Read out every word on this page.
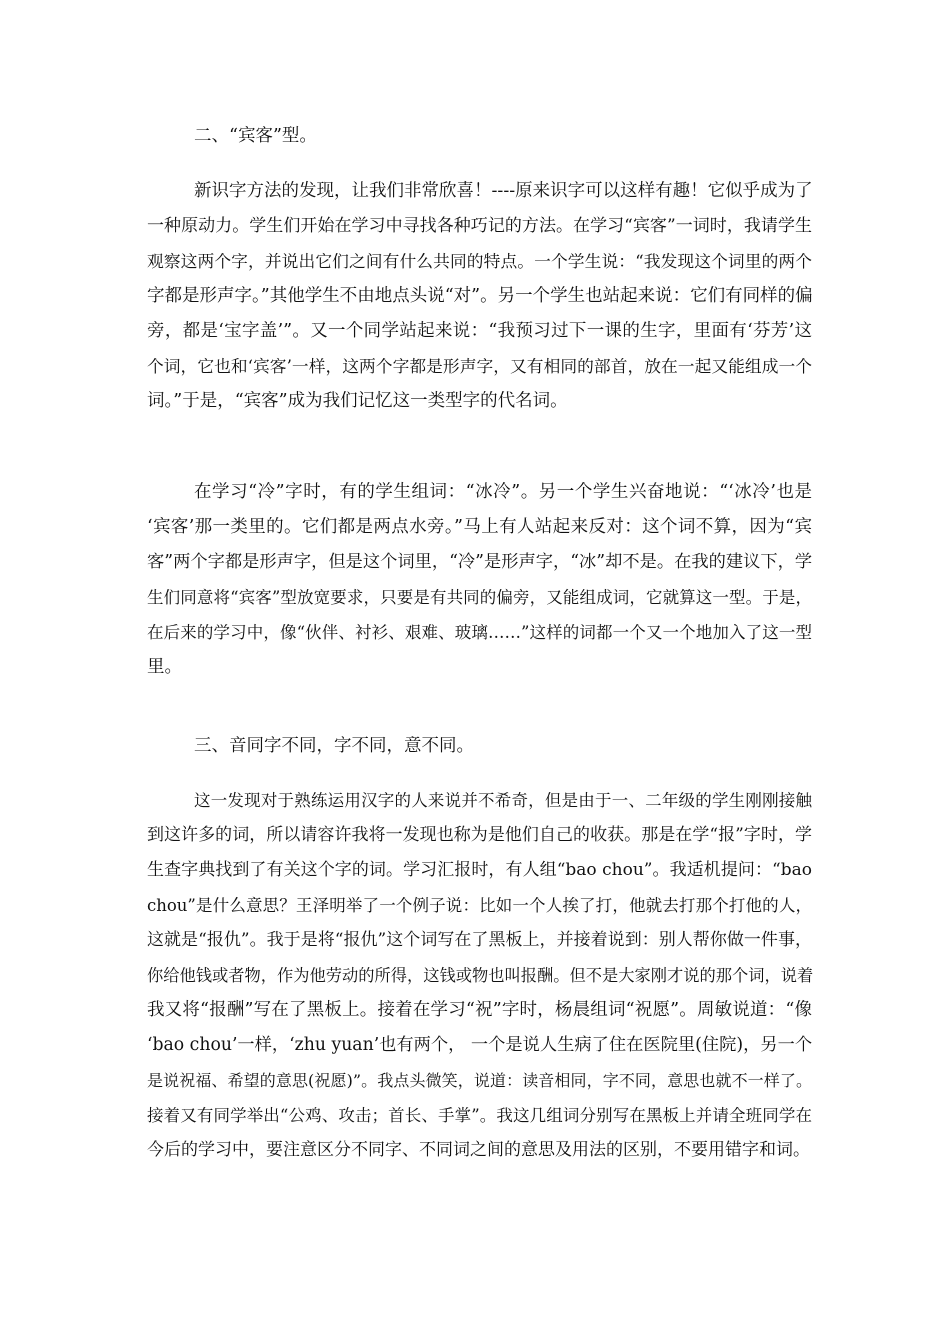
二、“宾客”型。
新识字方法的发现，让我们非常欣喜！----原来识字可以这样有趣！它似乎成为了
一种原动力。学生们开始在学习中寻找各种巧记的方法。在学习“宾客”一词时，我请学生
观察这两个字，并说出它们之间有什么共同的特点。一个学生说：“我发现这个词里的两个
字都是形声字。”其他学生不由地点头说“对”。另一个学生也站起来说：它们有同样的偏
旁，都是‘宝字盖’”。又一个同学站起来说：“我预习过下一课的生字，里面有‘芬芳’这
个词，它也和‘宾客’一样，这两个字都是形声字，又有相同的部首，放在一起又能组成一个
词。”于是，“宾客”成为我们记忆这一类型字的代名词。
在学习“冷”字时，有的学生组词：“冰冷”。另一个学生兴奋地说：“‘冰冷’也是
‘宾客’那一类里的。它们都是两点水旁。”马上有人站起来反对：这个词不算，因为“宾
客”两个字都是形声字，但是这个词里，“冷”是形声字，“冰”却不是。在我的建议下，学
生们同意将“宾客”型放宽要求，只要是有共同的偏旁，又能组成词，它就算这一型。于是，
在后来的学习中，像“伙伴、衬衫、艰难、玻璃……”这样的词都一个又一个地加入了这一型
里。
三、音同字不同，字不同，意不同。
这一发现对于熟练运用汉字的人来说并不希奇，但是由于一、二年级的学生刚刚接触
到这许多的词，所以请容许我将一发现也称为是他们自己的收获。那是在学“报”字时，学
生查字典找到了有关这个字的词。学习汇报时，有人组“bao chou”。我适机提问：“bao
chou”是什么意思？王泽明举了一个例子说：比如一个人挨了打，他就去打那个打他的人，
这就是“报仇”。我于是将“报仇”这个词写在了黑板上，并接着说到：别人帮你做一件事，
你给他钱或者物，作为他劳动的所得，这钱或物也叫报酬。但不是大家刚才说的那个词，说着
我又将“报酬”写在了黑板上。接着在学习“祝”字时，杨晨组词“祝愿”。周敏说道：“像
‘bao chou’一样，‘zhu yuan’也有两个， 一个是说人生病了住在医院里(住院)，另一个
是说祝福、希望的意思(祝愿)”。我点头微笑，说道：读音相同，字不同，意思也就不一样了。
接着又有同学举出“公鸡、攻击；首长、手掌”。我这几组词分别写在黑板上并请全班同学在
今后的学习中，要注意区分不同字、不同词之间的意思及用法的区别，不要用错字和词。
